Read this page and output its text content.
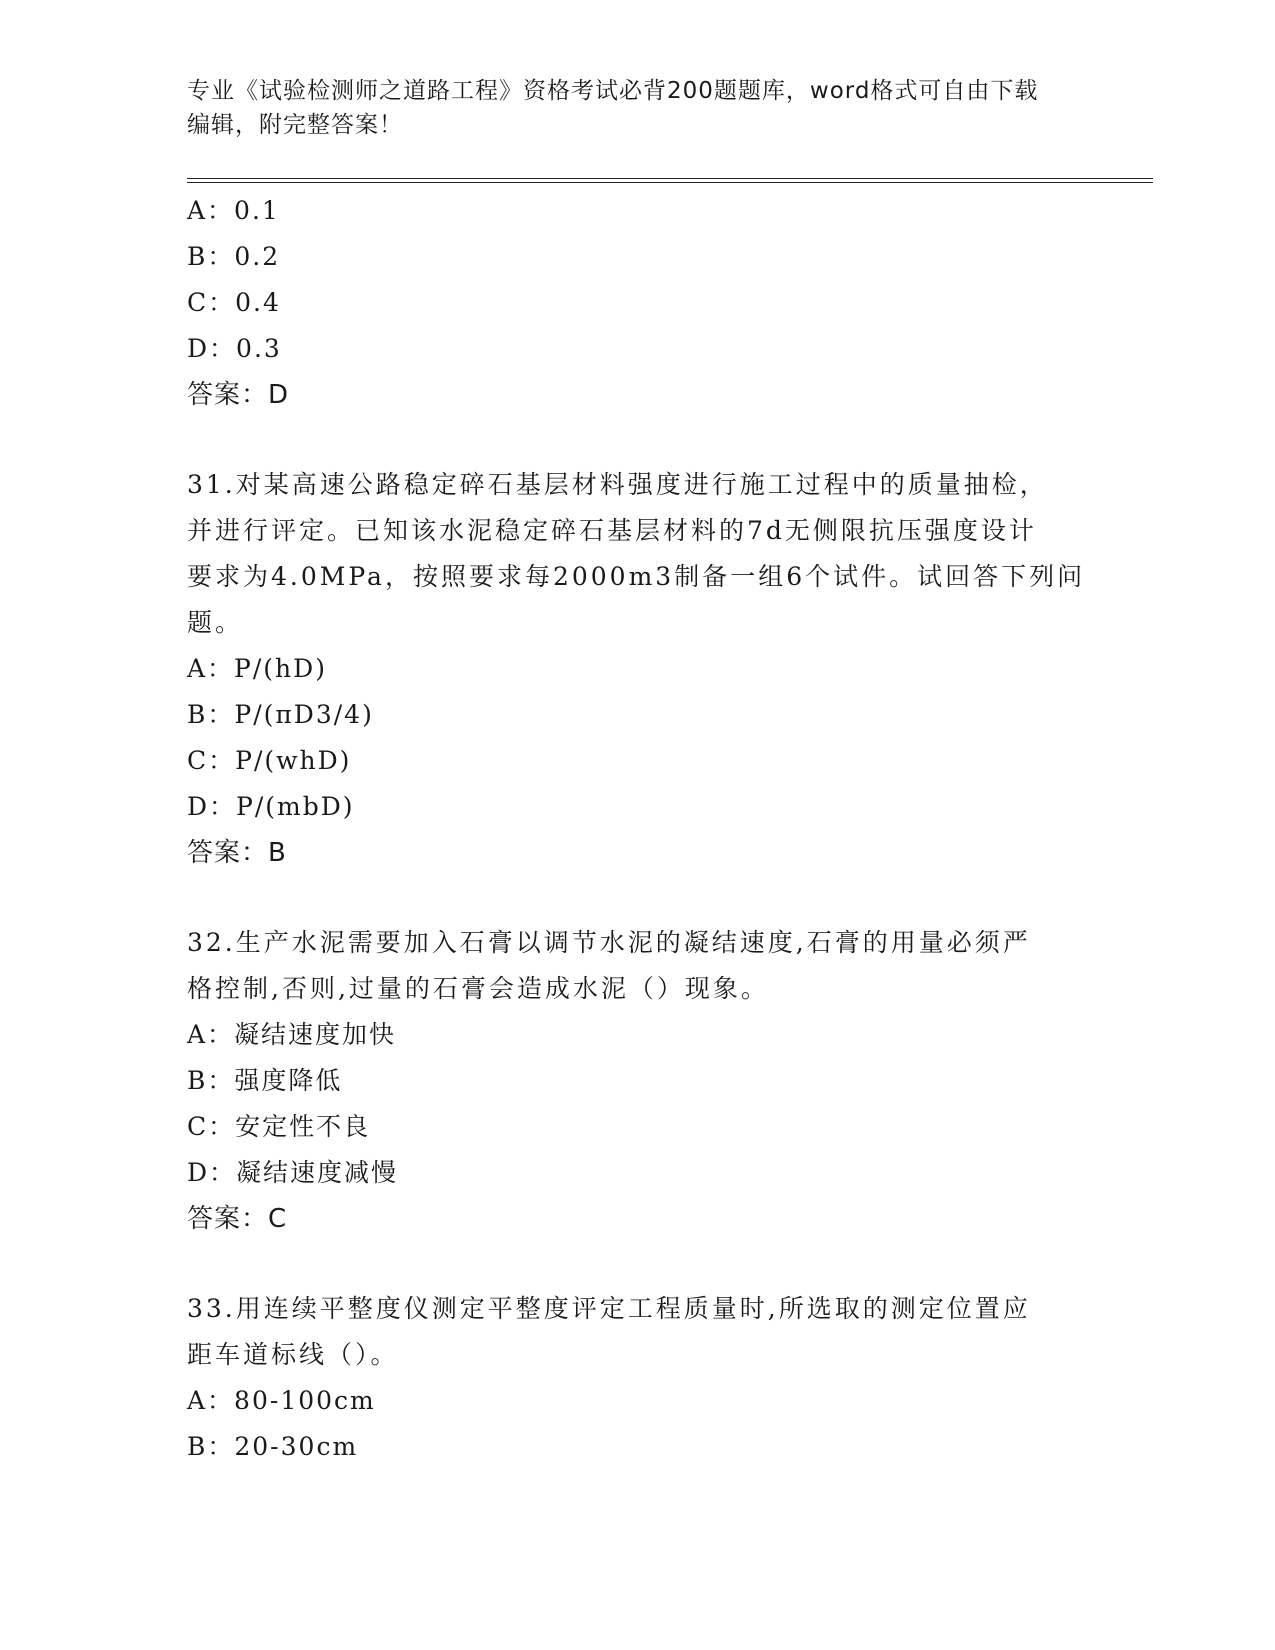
专业《试验检测师之道路工程》资格考试必背200题题库，word格式可自由下载
编辑，附完整答案！
A：0.1
B：0.2
C：0.4
D：0.3
答案：D
31.对某高速公路稳定碎石基层材料强度进行施工过程中的质量抽检，
并进行评定。已知该水泥稳定碎石基层材料的7d无侧限抗压强度设计
要求为4.0MPa，按照要求每2000m3制备一组6个试件。试回答下列问
题。
A：P/(hD)
B：P/(πD3/4)
C：P/(whD)
D：P/(mbD)
答案：B
32.生产水泥需要加入石膏以调节水泥的凝结速度,石膏的用量必须严
格控制,否则,过量的石膏会造成水泥（）现象。
A：凝结速度加快
B：强度降低
C：安定性不良
D：凝结速度减慢
答案：C
33.用连续平整度仪测定平整度评定工程质量时,所选取的测定位置应
距车道标线（）。
A：80-100cm
B：20-30cm
